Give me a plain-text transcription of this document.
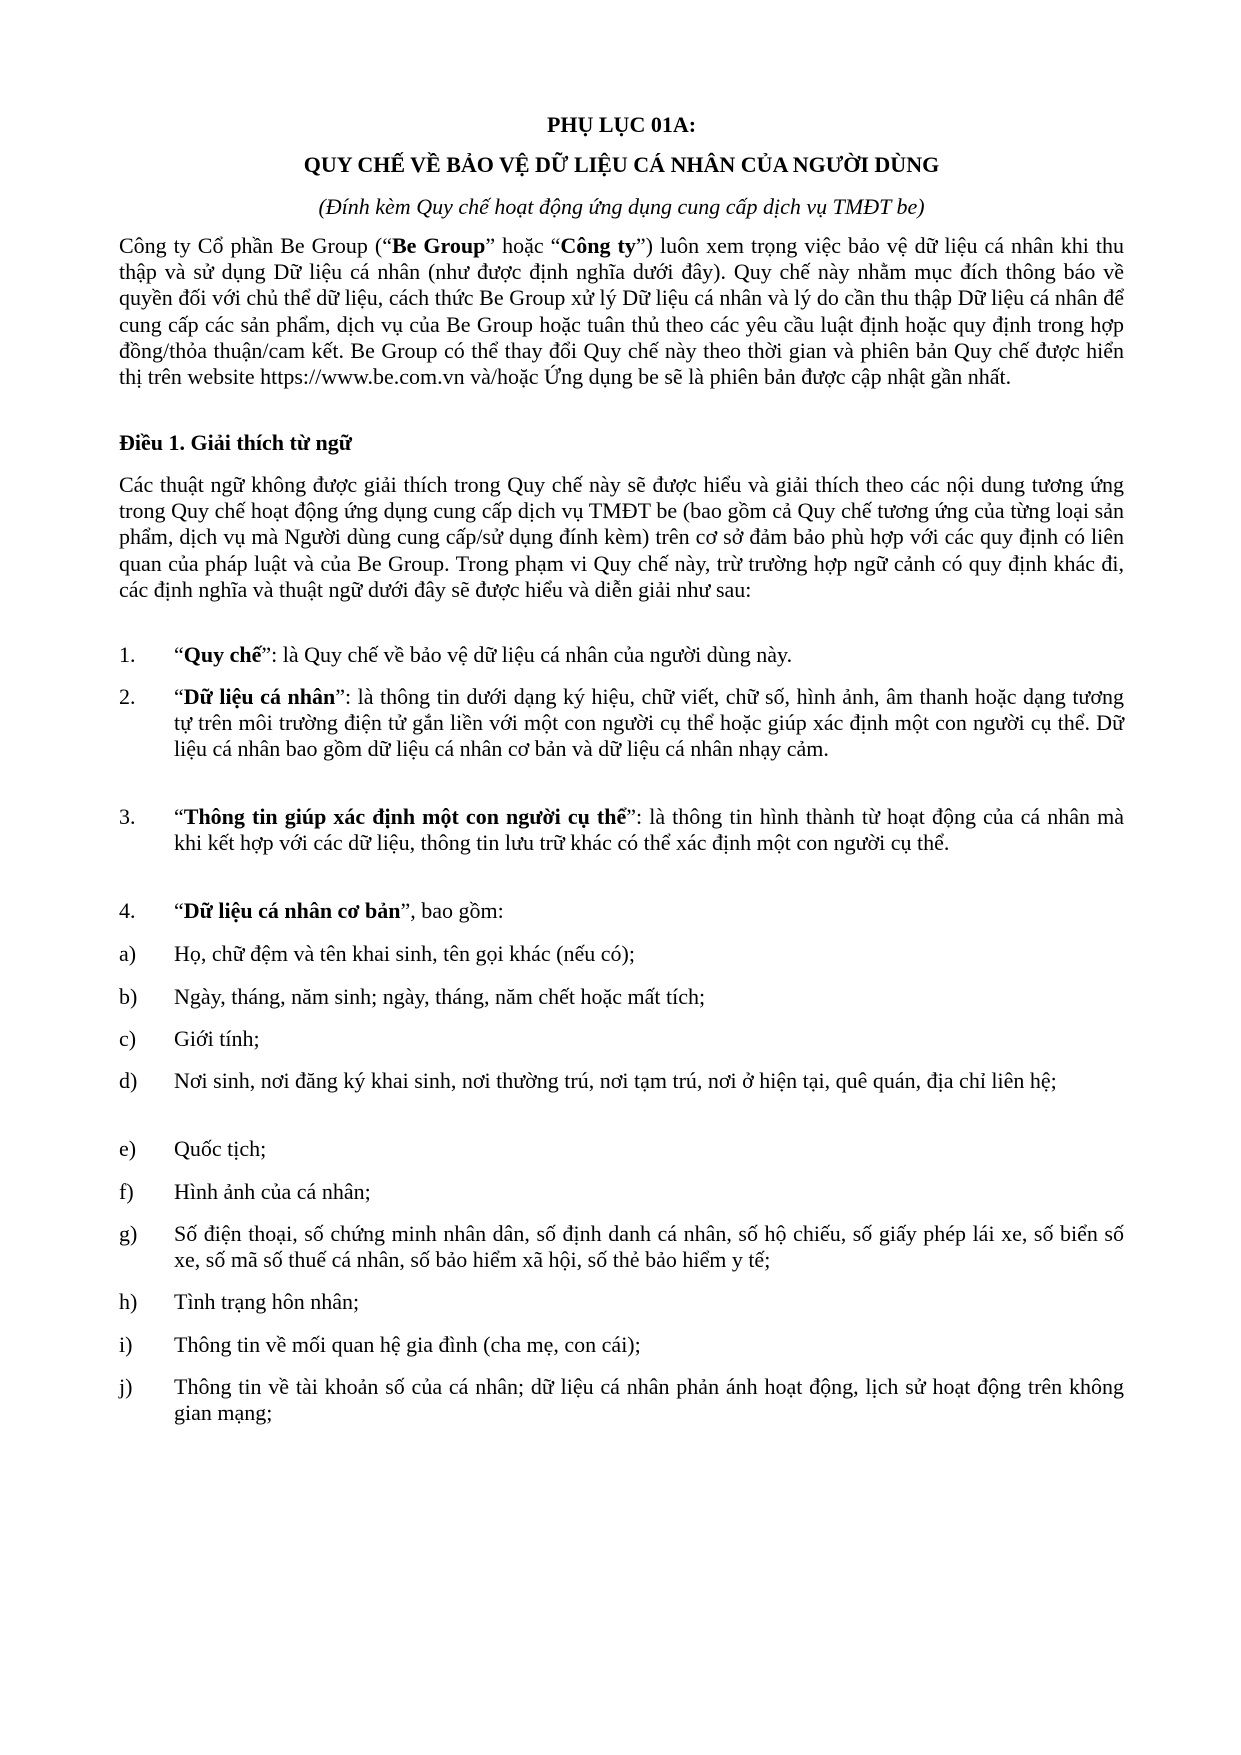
PHỤ LỤC 01A:
QUY CHẾ VỀ BẢO VỆ DỮ LIỆU CÁ NHÂN CỦA NGƯỜI DÙNG
(Đính kèm Quy chế hoạt động ứng dụng cung cấp dịch vụ TMĐT be)
Công ty Cổ phần Be Group (“Be Group” hoặc “Công ty”) luôn xem trọng việc bảo vệ dữ liệu cá nhân khi thu thập và sử dụng Dữ liệu cá nhân (như được định nghĩa dưới đây). Quy chế này nhằm mục đích thông báo về quyền đối với chủ thể dữ liệu, cách thức Be Group xử lý Dữ liệu cá nhân và lý do cần thu thập Dữ liệu cá nhân để cung cấp các sản phẩm, dịch vụ của Be Group hoặc tuân thủ theo các yêu cầu luật định hoặc quy định trong hợp đồng/thỏa thuận/cam kết. Be Group có thể thay đổi Quy chế này theo thời gian và phiên bản Quy chế được hiển thị trên website https://www.be.com.vn và/hoặc Ứng dụng be sẽ là phiên bản được cập nhật gần nhất.
Điều 1. Giải thích từ ngữ
Các thuật ngữ không được giải thích trong Quy chế này sẽ được hiểu và giải thích theo các nội dung tương ứng trong Quy chế hoạt động ứng dụng cung cấp dịch vụ TMĐT be (bao gồm cả Quy chế tương ứng của từng loại sản phẩm, dịch vụ mà Người dùng cung cấp/sử dụng đính kèm) trên cơ sở đảm bảo phù hợp với các quy định có liên quan của pháp luật và của Be Group. Trong phạm vi Quy chế này, trừ trường hợp ngữ cảnh có quy định khác đi, các định nghĩa và thuật ngữ dưới đây sẽ được hiểu và diễn giải như sau:
1. “Quy chế”: là Quy chế về bảo vệ dữ liệu cá nhân của người dùng này.
2. “Dữ liệu cá nhân”: là thông tin dưới dạng ký hiệu, chữ viết, chữ số, hình ảnh, âm thanh hoặc dạng tương tự trên môi trường điện tử gắn liền với một con người cụ thể hoặc giúp xác định một con người cụ thể. Dữ liệu cá nhân bao gồm dữ liệu cá nhân cơ bản và dữ liệu cá nhân nhạy cảm.
3. “Thông tin giúp xác định một con người cụ thể”: là thông tin hình thành từ hoạt động của cá nhân mà khi kết hợp với các dữ liệu, thông tin lưu trữ khác có thể xác định một con người cụ thể.
4. “Dữ liệu cá nhân cơ bản”, bao gồm:
a) Họ, chữ đệm và tên khai sinh, tên gọi khác (nếu có);
b) Ngày, tháng, năm sinh; ngày, tháng, năm chết hoặc mất tích;
c) Giới tính;
d) Nơi sinh, nơi đăng ký khai sinh, nơi thường trú, nơi tạm trú, nơi ở hiện tại, quê quán, địa chỉ liên hệ;
e) Quốc tịch;
f) Hình ảnh của cá nhân;
g) Số điện thoại, số chứng minh nhân dân, số định danh cá nhân, số hộ chiếu, số giấy phép lái xe, số biển số xe, số mã số thuế cá nhân, số bảo hiểm xã hội, số thẻ bảo hiểm y tế;
h) Tình trạng hôn nhân;
i) Thông tin về mối quan hệ gia đình (cha mẹ, con cái);
j) Thông tin về tài khoản số của cá nhân; dữ liệu cá nhân phản ánh hoạt động, lịch sử hoạt động trên không gian mạng;
